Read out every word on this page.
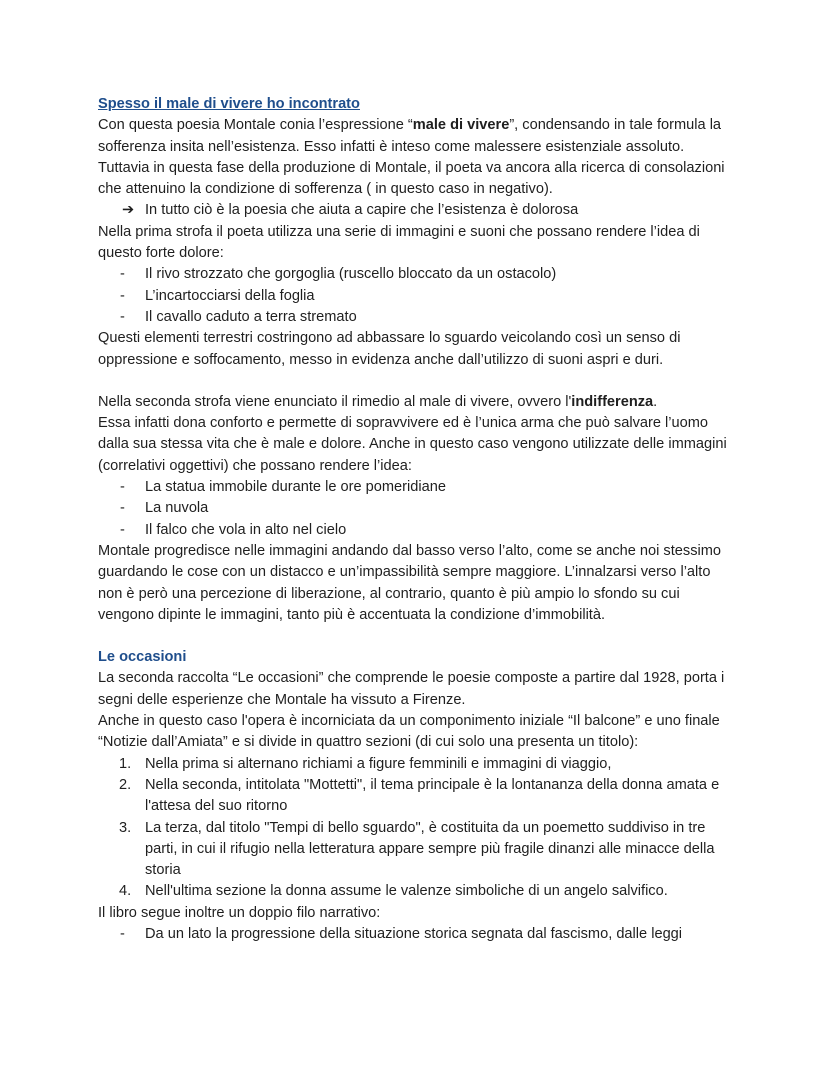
Spesso il male di vivere ho incontrato

Con questa poesia Montale conia l’espressione “male di vivere”, condensando in tale formula la sofferenza insita nell’esistenza. Esso infatti è inteso come malessere esistenziale assoluto. Tuttavia in questa fase della produzione di Montale, il poeta va ancora alla ricerca di consolazioni che attenuino la condizione di sofferenza ( in questo caso in negativo).

➔ In tutto ciò è la poesia che aiuta a capire che l’esistenza è dolorosa

Nella prima strofa il poeta utilizza una serie di immagini e suoni che possano rendere l’idea di questo forte dolore:

- Il rivo strozzato che gorgoglia (ruscello bloccato da un ostacolo)
- L’incartocciarsi della foglia
- Il cavallo caduto a terra stremato

Questi elementi terrestri costringono ad abbassare lo sguardo veicolando così un senso di oppressione e soffocamento, messo in evidenza anche dall’utilizzo di suoni aspri e duri.

Nella seconda strofa viene enunciato il rimedio al male di vivere, ovvero l'indifferenza.

Essa infatti dona conforto e permette di sopravvivere ed è l’unica arma che può salvare l’uomo dalla sua stessa vita che è male e dolore. Anche in questo caso vengono utilizzate delle immagini (correlativi oggettivi) che possano rendere l’idea:

- La statua immobile durante le ore pomeridiane
- La nuvola
- Il falco che vola in alto nel cielo

Montale progredisce nelle immagini andando dal basso verso l’alto, come se anche noi stessimo guardando le cose con un distacco e un’impassibilità sempre maggiore. L’innalzarsi verso l’alto non è però una percezione di liberazione, al contrario, quanto è più ampio lo sfondo su cui vengono dipinte le immagini, tanto più è accentuata la condizione d’immobilità.

Le occasioni

La seconda raccolta “Le occasioni” che comprende le poesie composte a partire dal 1928, porta i segni delle esperienze che Montale ha vissuto a Firenze.

Anche in questo caso l'opera è incorniciata da un componimento iniziale “Il balcone” e uno finale “Notizie dall’Amiata” e si divide in quattro sezioni (di cui solo una presenta un titolo):

1. Nella prima si alternano richiami a figure femminili e immagini di viaggio,
2. Nella seconda, intitolata "Mottetti", il tema principale è la lontananza della donna amata e l'attesa del suo ritorno
3. La terza, dal titolo "Tempi di bello sguardo", è costituita da un poemetto suddiviso in tre parti, in cui il rifugio nella letteratura appare sempre più fragile dinanzi alle minacce della storia
4. Nell'ultima sezione la donna assume le valenze simboliche di un angelo salvifico.

Il libro segue inoltre un doppio filo narrativo:

- Da un lato la progressione della situazione storica segnata dal fascismo, dalle leggi
